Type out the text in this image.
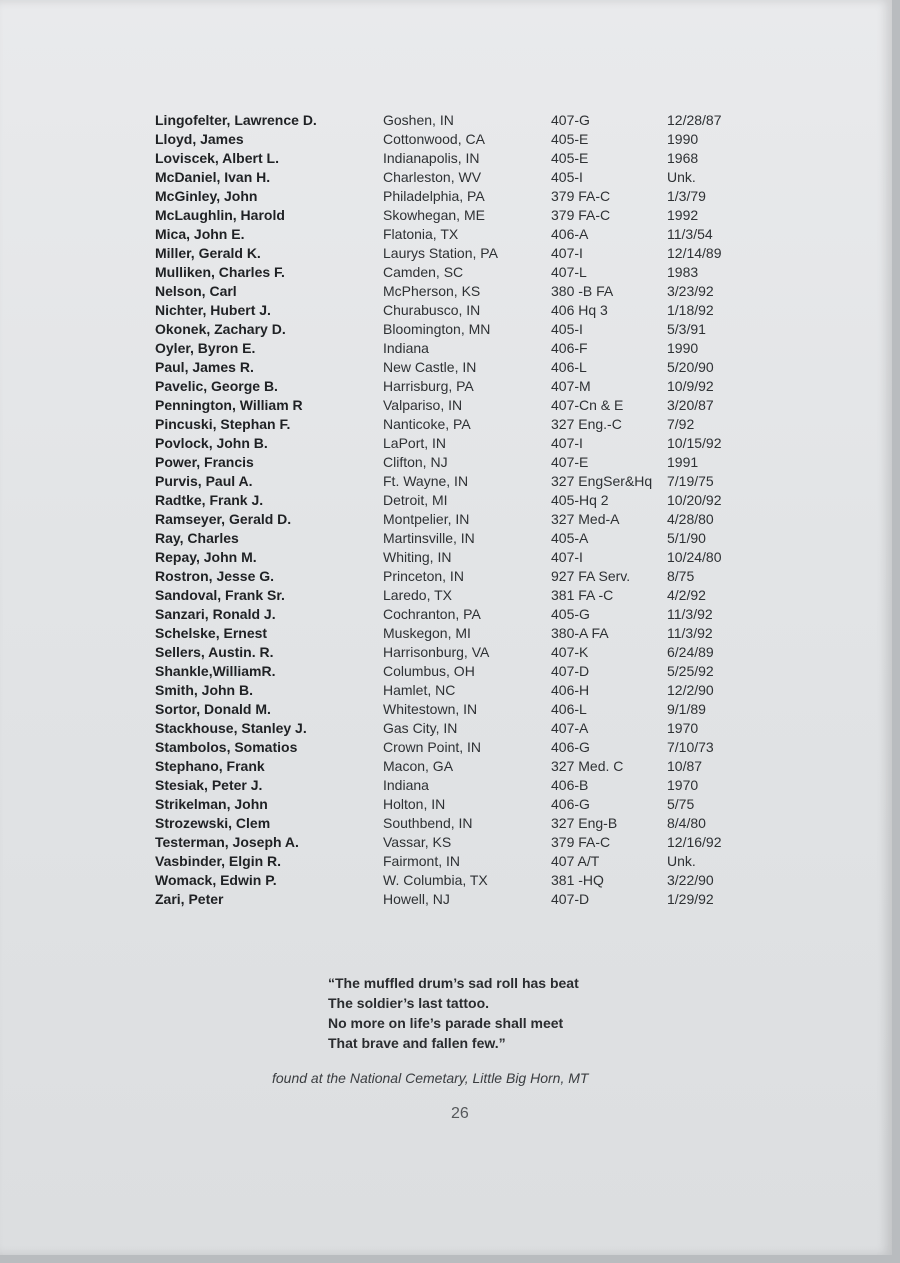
Lingofelter, Lawrence D.	Goshen, IN	407-G	12/28/87
Lloyd, James	Cottonwood, CA	405-E	1990
Loviscek, Albert L.	Indianapolis, IN	405-E	1968
McDaniel, Ivan H.	Charleston, WV	405-I	Unk.
McGinley, John	Philadelphia, PA	379 FA-C	1/3/79
McLaughlin, Harold	Skowhegan, ME	379 FA-C	1992
Mica, John E.	Flatonia, TX	406-A	11/3/54
Miller, Gerald K.	Laurys Station, PA	407-I	12/14/89
Mulliken, Charles F.	Camden, SC	407-L	1983
Nelson, Carl	McPherson, KS	380 -B FA	3/23/92
Nichter, Hubert J.	Churabusco, IN	406 Hq 3	1/18/92
Okonek, Zachary D.	Bloomington, MN	405-I	5/3/91
Oyler, Byron E.	Indiana	406-F	1990
Paul, James R.	New Castle, IN	406-L	5/20/90
Pavelic, George B.	Harrisburg, PA	407-M	10/9/92
Pennington, William R	Valpariso, IN	407-Cn & E	3/20/87
Pincuski, Stephan F.	Nanticoke, PA	327 Eng.-C	7/92
Povlock, John B.	LaPort, IN	407-I	10/15/92
Power, Francis	Clifton, NJ	407-E	1991
Purvis, Paul A.	Ft. Wayne, IN	327 EngSer&Hq	7/19/75
Radtke, Frank J.	Detroit, MI	405-Hq 2	10/20/92
Ramseyer, Gerald D.	Montpelier, IN	327 Med-A	4/28/80
Ray, Charles	Martinsville, IN	405-A	5/1/90
Repay, John M.	Whiting, IN	407-I	10/24/80
Rostron, Jesse G.	Princeton, IN	927 FA Serv.	8/75
Sandoval, Frank Sr.	Laredo, TX	381 FA -C	4/2/92
Sanzari, Ronald J.	Cochranton, PA	405-G	11/3/92
Schelske, Ernest	Muskegon, MI	380-A FA	11/3/92
Sellers, Austin. R.	Harrisonburg, VA	407-K	6/24/89
Shankle,WilliamR.	Columbus, OH	407-D	5/25/92
Smith, John B.	Hamlet, NC	406-H	12/2/90
Sortor, Donald M.	Whitestown, IN	406-L	9/1/89
Stackhouse, Stanley J.	Gas City, IN	407-A	1970
Stambolos, Somatios	Crown Point, IN	406-G	7/10/73
Stephano, Frank	Macon, GA	327 Med. C	10/87
Stesiak, Peter J.	Indiana	406-B	1970
Strikelman, John	Holton, IN	406-G	5/75
Strozewski, Clem	Southbend, IN	327 Eng-B	8/4/80
Testerman, Joseph A.	Vassar, KS	379 FA-C	12/16/92
Vasbinder, Elgin R.	Fairmont, IN	407 A/T	Unk.
Womack, Edwin P.	W. Columbia, TX	381 -HQ	3/22/90
Zari, Peter	Howell, NJ	407-D	1/29/92
“The muffled drum’s sad roll has beat
The soldier’s last tattoo.
No more on life’s parade shall meet
That brave and fallen few.”
found at the National Cemetary, Little Big Horn, MT
26
